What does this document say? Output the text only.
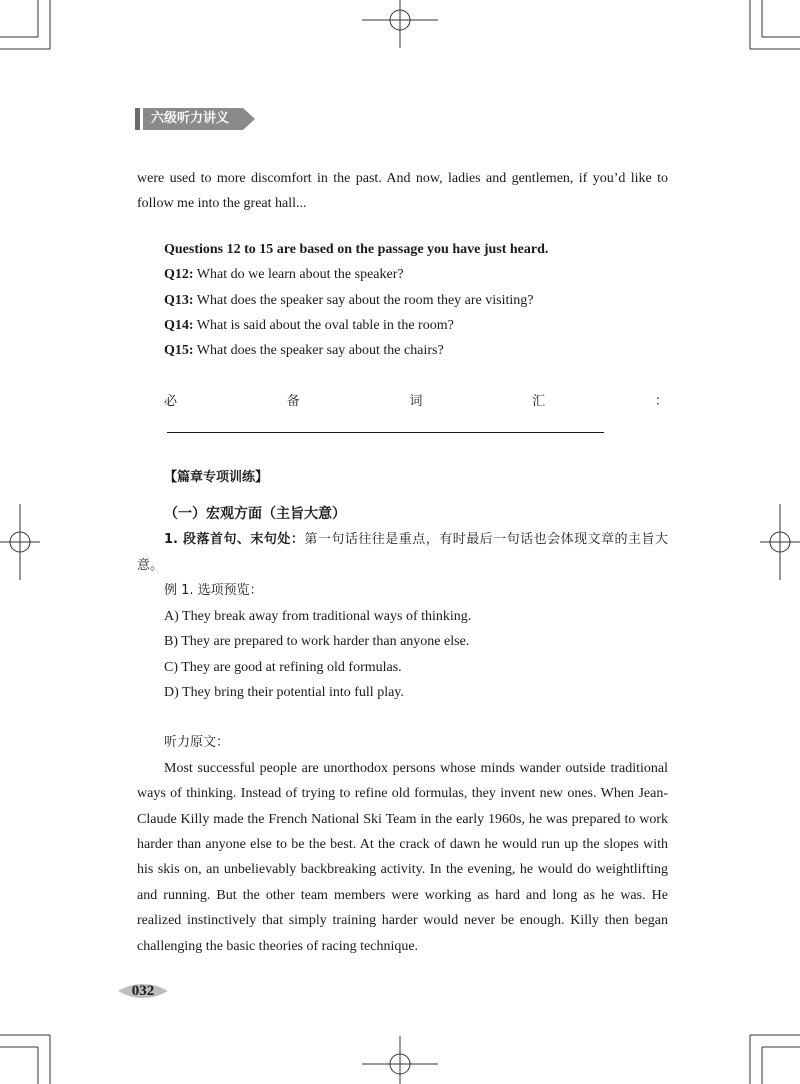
六级听力讲义

were used to more discomfort in the past. And now, ladies and gentlemen, if you’d like to follow me into the great hall...

Questions 12 to 15 are based on the passage you have just heard.

Q12: What do we learn about the speaker?

Q13: What does the speaker say about the room they are visiting?

Q14: What is said about the oval table in the room?

Q15: What does the speaker say about the chairs?

必备词汇：

【篇章专项训练】

（一）宏观方面（主旨大意）

1. 段落首句、末句处：第一句话往往是重点，有时最后一句话也会体现文章的主旨大意。

例 1. 选项预览：

A) They break away from traditional ways of thinking.

B) They are prepared to work harder than anyone else.

C) They are good at refining old formulas.

D) They bring their potential into full play.

听力原文：

Most successful people are unorthodox persons whose minds wander outside traditional ways of thinking. Instead of trying to refine old formulas, they invent new ones. When Jean-Claude Killy made the French National Ski Team in the early 1960s, he was prepared to work harder than anyone else to be the best. At the crack of dawn he would run up the slopes with his skis on, an unbelievably backbreaking activity. In the evening, he would do weightlifting and running. But the other team members were working as hard and long as he was. He realized instinctively that simply training harder would never be enough. Killy then began challenging the basic theories of racing technique.

032
